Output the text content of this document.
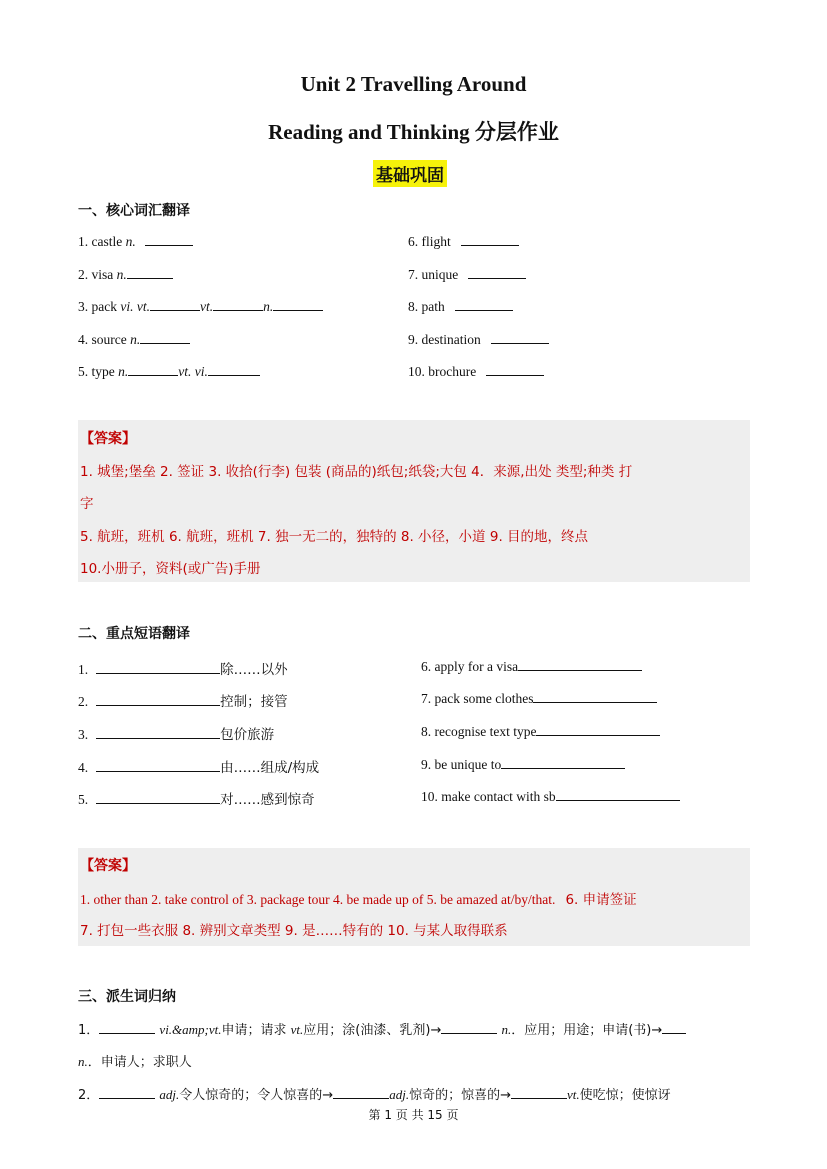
Unit 2 Travelling Around
Reading and Thinking 分层作业
基础巩固
一、核心词汇翻译
1. castle n.
2. visa n.
3. pack vi. vt.	vt.	n.
4. source n.
5. type n.	vt. vi.
6. flight
7. unique
8. path
9. destination
10. brochure
【答案】
1. 城堡;堡垒 2. 签证 3. 收拾(行李) 包装 (商品的)纸包;纸袋;大包 4．来源,出处 类型;种类 打
字
5. 航班，班机 6. 航班，班机 7. 独一无二的，独特的 8. 小径，小道 9. 目的地，终点
10.小册子，资料(或广告)手册
二、重点短语翻译
1.	除……以外
2.	控制；接管
3.	包价旅游
4.	由……组成/构成
5.	对……感到惊奇
6. apply for a visa
7. pack some clothes
8. recognise text type
9. be unique to
10. make contact with sb
【答案】
1. other than 2. take control of 3. package tour 4. be made up of 5. be amazed at/by/that. 6. 申请签证
7. 打包一些衣服 8. 辨别文章类型 9. 是……特有的 10. 与某人取得联系
三、派生词归纳
1．	vi.&amp;vt.申请；请求 vt.应用；涂(油漆、乳剂)→	n.．应用；用途；申请(书)→
n.．申请人；求职人
2．	adj.令人惊奇的；令人惊喜的→	adj.惊奇的；惊喜的→	vt.使吃惊；使惊讶
第 1 页 共 15 页
